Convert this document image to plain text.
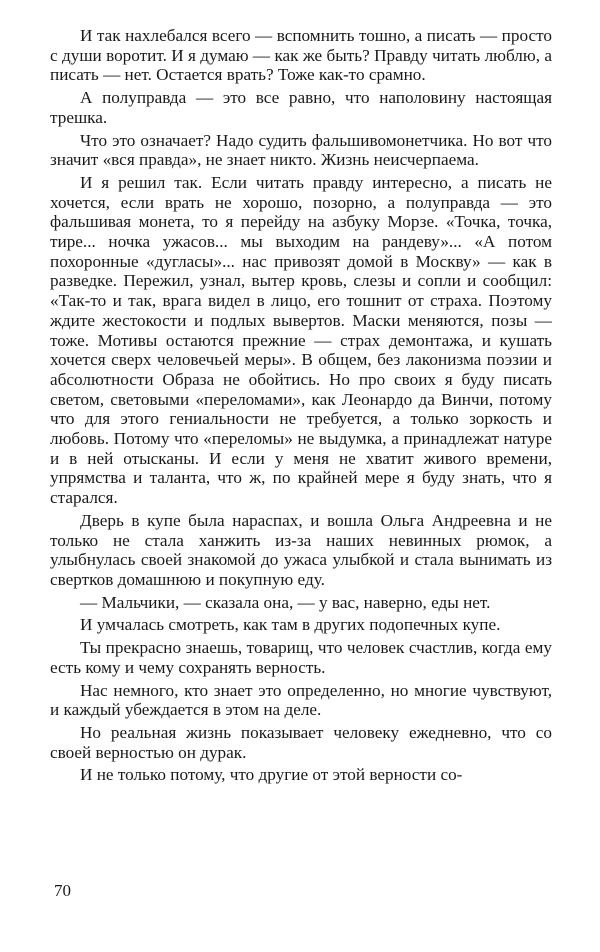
И так нахлебался всего — вспомнить тошно, а писать — просто с души воротит. И я думаю — как же быть? Правду читать люблю, а писать — нет. Остается врать? Тоже как-то срамно.

А полуправда — это все равно, что наполовину настоящая трешка.

Что это означает? Надо судить фальшивомонетчика. Но вот что значит «вся правда», не знает никто. Жизнь неисчерпаема.

И я решил так. Если читать правду интересно, а писать не хочется, если врать не хорошо, позорно, а полуправда — это фальшивая монета, то я перейду на азбуку Морзе. «Точка, точка, тире... ночка ужасов... мы выходим на рандеву»... «А потом похоронные «дугласы»... нас привозят домой в Москву» — как в разведке. Пережил, узнал, вытер кровь, слезы и сопли и сообщил: «Так-то и так, врага видел в лицо, его тошнит от страха. Поэтому ждите жестокости и подлых вывертов. Маски меняются, позы — тоже. Мотивы остаются прежние — страх демонтажа, и кушать хочется сверх человечьей меры». В общем, без лаконизма поэзии и абсолютности Образа не обойтись. Но про своих я буду писать светом, световыми «переломами», как Леонардо да Винчи, потому что для этого гениальности не требуется, а только зоркость и любовь. Потому что «переломы» не выдумка, а принадлежат натуре и в ней отысканы. И если у меня не хватит живого времени, упрямства и таланта, что ж, по крайней мере я буду знать, что я старался.

Дверь в купе была нараспах, и вошла Ольга Андреевна и не только не стала ханжить из-за наших невинных рюмок, а улыбнулась своей знакомой до ужаса улыбкой и стала вынимать из свертков домашнюю и покупную еду.

— Мальчики, — сказала она, — у вас, наверно, еды нет.

И умчалась смотреть, как там в других подопечных купе.

Ты прекрасно знаешь, товарищ, что человек счастлив, когда ему есть кому и чему сохранять верность.

Нас немного, кто знает это определенно, но многие чувствуют, и каждый убеждается в этом на деле.

Но реальная жизнь показывает человеку ежедневно, что со своей верностью он дурак.

И не только потому, что другие от этой верности со-

70
